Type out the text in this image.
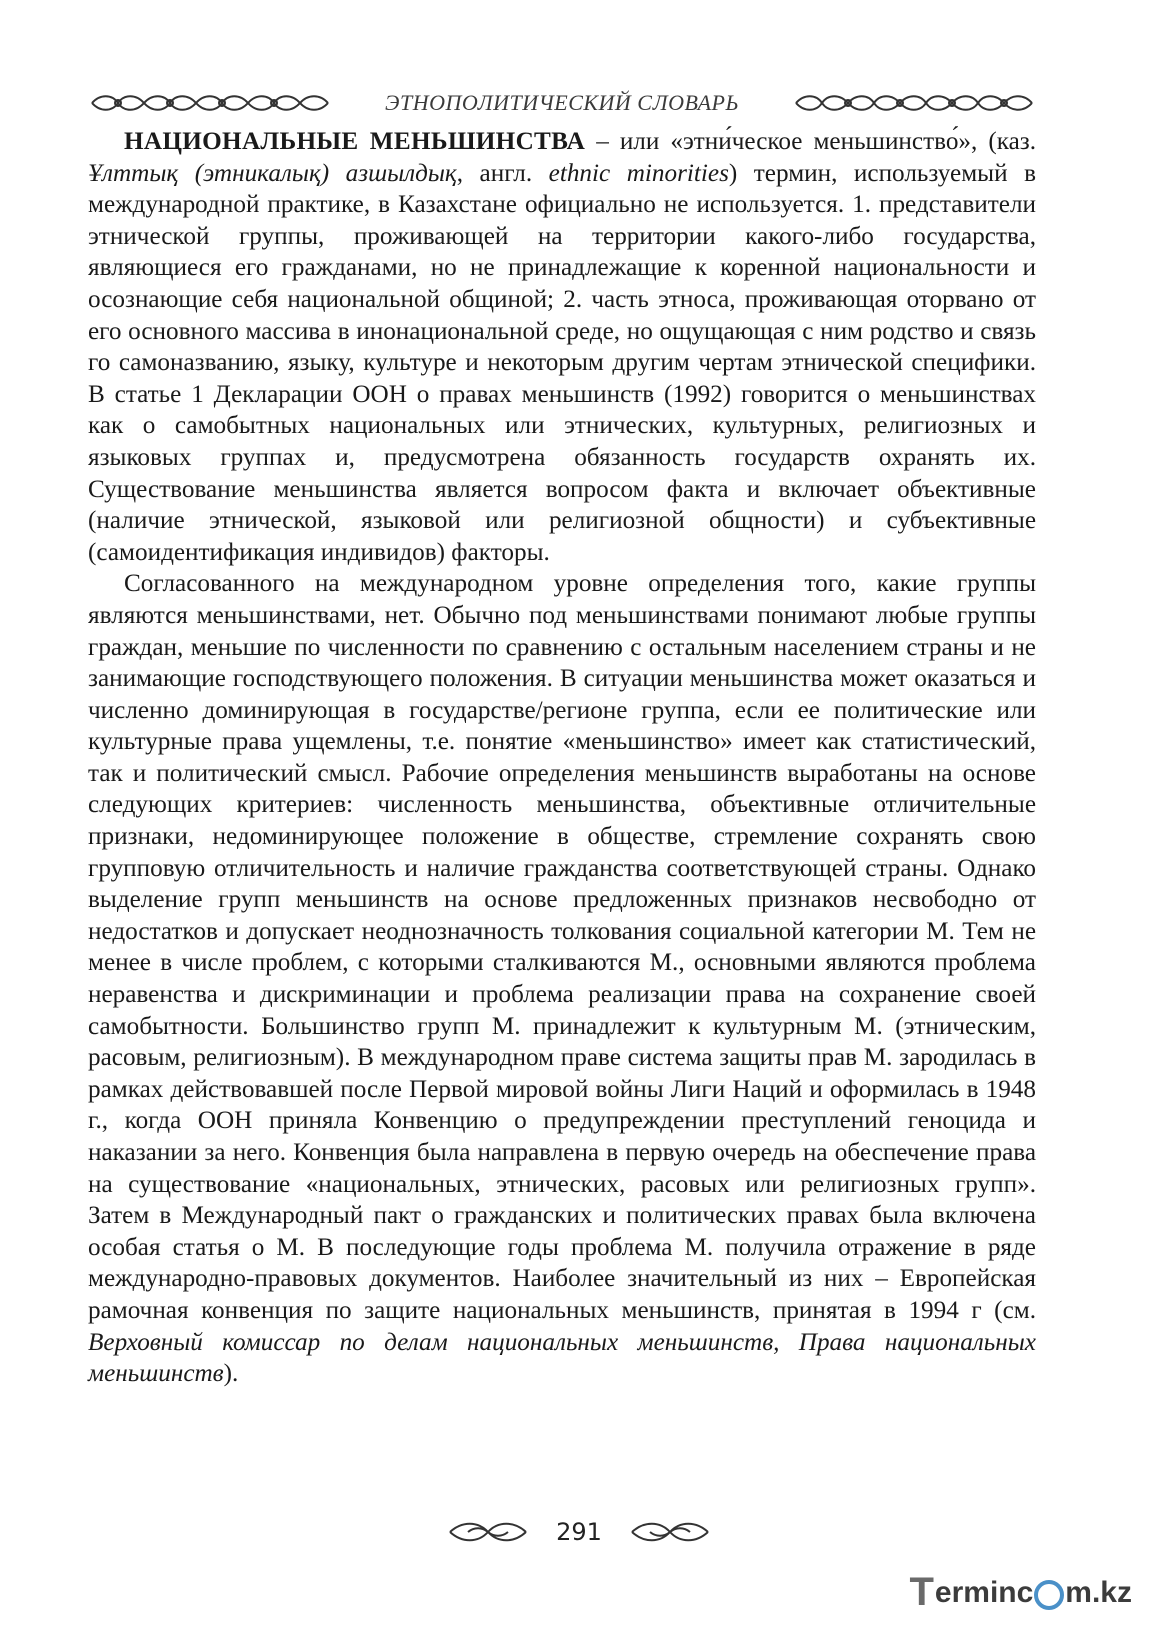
ЭТНОПОЛИТИЧЕСКИЙ СЛОВАРЬ

НАЦИОНАЛЬНЫЕ МЕНЬШИНСТВА – или «этни́ческое меньшинство́», (каз. Ұлттық (этникалық) азшылдық, англ. ethnic minorities) термин, используемый в международной практике, в Казахстане официально не используется. 1. представители этнической группы, проживающей на территории какого-либо государства, являющиеся его гражданами, но не принадлежащие к коренной национальности и осознающие себя национальной общиной; 2. часть этноса, проживающая оторвано от его основного массива в инонациональной среде, но ощущающая с ним родство и связь го самоназванию, языку, культуре и некоторым другим чертам этнической специфики. В статье 1 Декларации ООН о правах меньшинств (1992) говорится о меньшинствах как о самобытных национальных или этнических, культурных, религиозных и языковых группах и, предусмотрена обязанность государств охранять их. Существование меньшинства является вопросом факта и включает объективные (наличие этнической, языковой или религиозной общности) и субъективные (самоидентификация индивидов) факторы.

Согласованного на международном уровне определения того, какие группы являются меньшинствами, нет. Обычно под меньшинствами понимают любые группы граждан, меньшие по численности по сравнению с остальным населением страны и не занимающие господствующего положения. В ситуации меньшинства может оказаться и численно доминирующая в государстве/регионе группа, если ее политические или культурные права ущемлены, т.е. понятие «меньшинство» имеет как статистический, так и политический смысл. Рабочие определения меньшинств выработаны на основе следующих критериев: численность меньшинства, объективные отличительные признаки, недоминирующее положение в обществе, стремление сохранять свою групповую отличительность и наличие гражданства соответствующей страны. Однако выделение групп меньшинств на основе предложенных признаков несвободно от недостатков и допускает неоднозначность толкования социальной категории М. Тем не менее в числе проблем, с которыми сталкиваются М., основными являются проблема неравенства и дискриминации и проблема реализации права на сохранение своей самобытности. Большинство групп М. принадлежит к культурным М. (этническим, расовым, религиозным). В международном праве система защиты прав М. зародилась в рамках действовавшей после Первой мировой войны Лиги Наций и оформилась в 1948 г., когда ООН приняла Конвенцию о предупреждении преступлений геноцида и наказании за него. Конвенция была направлена в первую очередь на обеспечение права на существование «национальных, этнических, расовых или религиозных групп». Затем в Международный пакт о гражданских и политических правах была включена особая статья о М. В последующие годы проблема М. получила отражение в ряде международно-правовых документов. Наиболее значительный из них – Европейская рамочная конвенция по защите национальных меньшинств, принятая в 1994 г (см. Верховный комиссар по делам национальных меньшинств, Права национальных меньшинств).

291
T erminc m.kz
